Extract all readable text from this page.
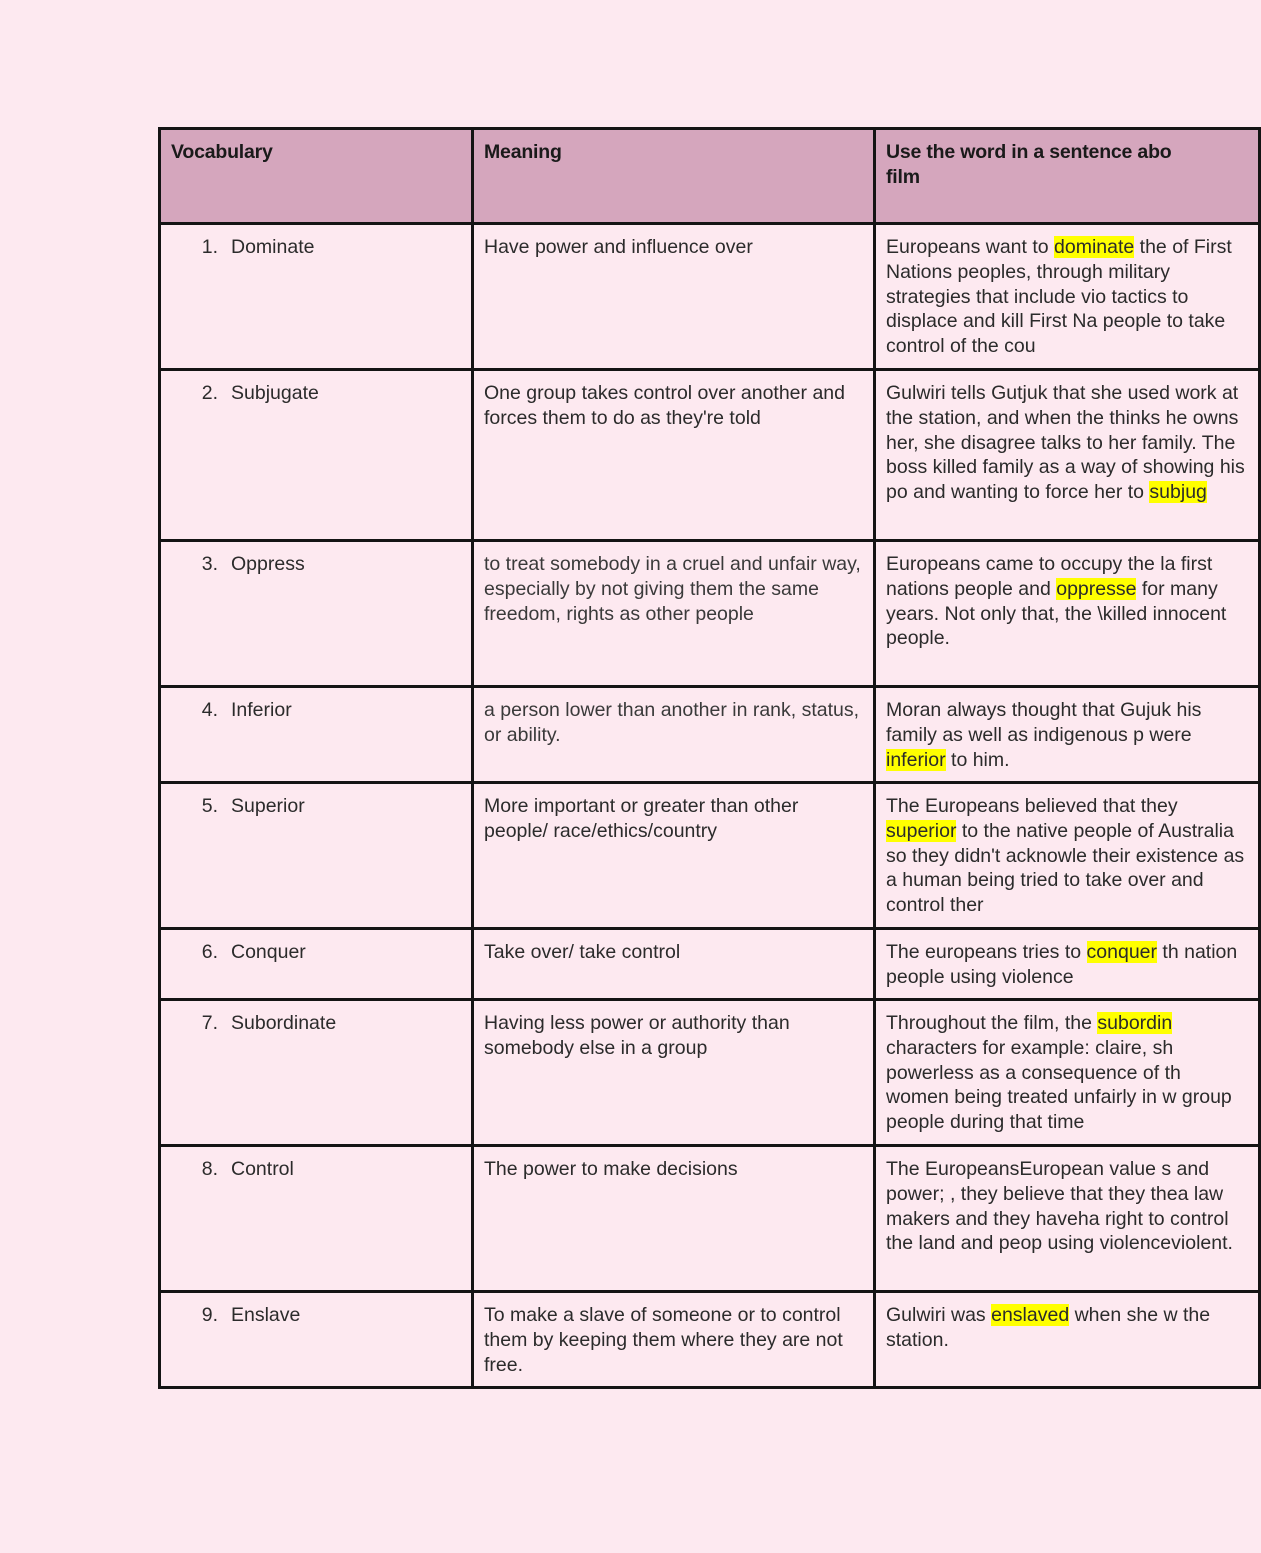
Vocabulary	Meaning	Use the word in a sentence abo
film
1. Dominate	Have power and influence over	Europeans want to dominate the of First Nations peoples, through military strategies that include vio tactics to displace and kill First Na people to take control of the cou
2. Subjugate	One group takes control over another and forces them to do as they're told	Gulwiri tells Gutjuk that she used work at the station, and when the thinks he owns her, she disagree talks to her family. The boss killed family as a way of showing his po and wanting to force her to subjug
3. Oppress	to treat somebody in a cruel and unfair way, especially by not giving them the same freedom, rights as other people	Europeans came to occupy the la first nations people and oppresse for many years. Not only that, the \killed innocent people.
4. Inferior	a person lower than another in rank, status, or ability.	Moran always thought that Gujuk his family as well as indigenous p were inferior to him.
5. Superior	More important or greater than other people/ race/ethics/country	The Europeans believed that they superior to the native people of Australia so they didn't acknowle their existence as a human being tried to take over and control ther
6. Conquer	Take over/ take control	The europeans tries to conquer th nation people using violence
7. Subordinate	Having less power or authority than somebody else in a group	Throughout the film, the subordin characters for example: claire, sh powerless as a consequence of th women being treated unfairly in w group people during that time
8. Control	The power to make decisions	The EuropeansEuropean value s and power; , they believe that they thea law makers and they haveha right to control the land and peop using violenceviolent.
9. Enslave	To make a slave of someone or to control them by keeping them where they are not free.	Gulwiri was enslaved when she w the station.
